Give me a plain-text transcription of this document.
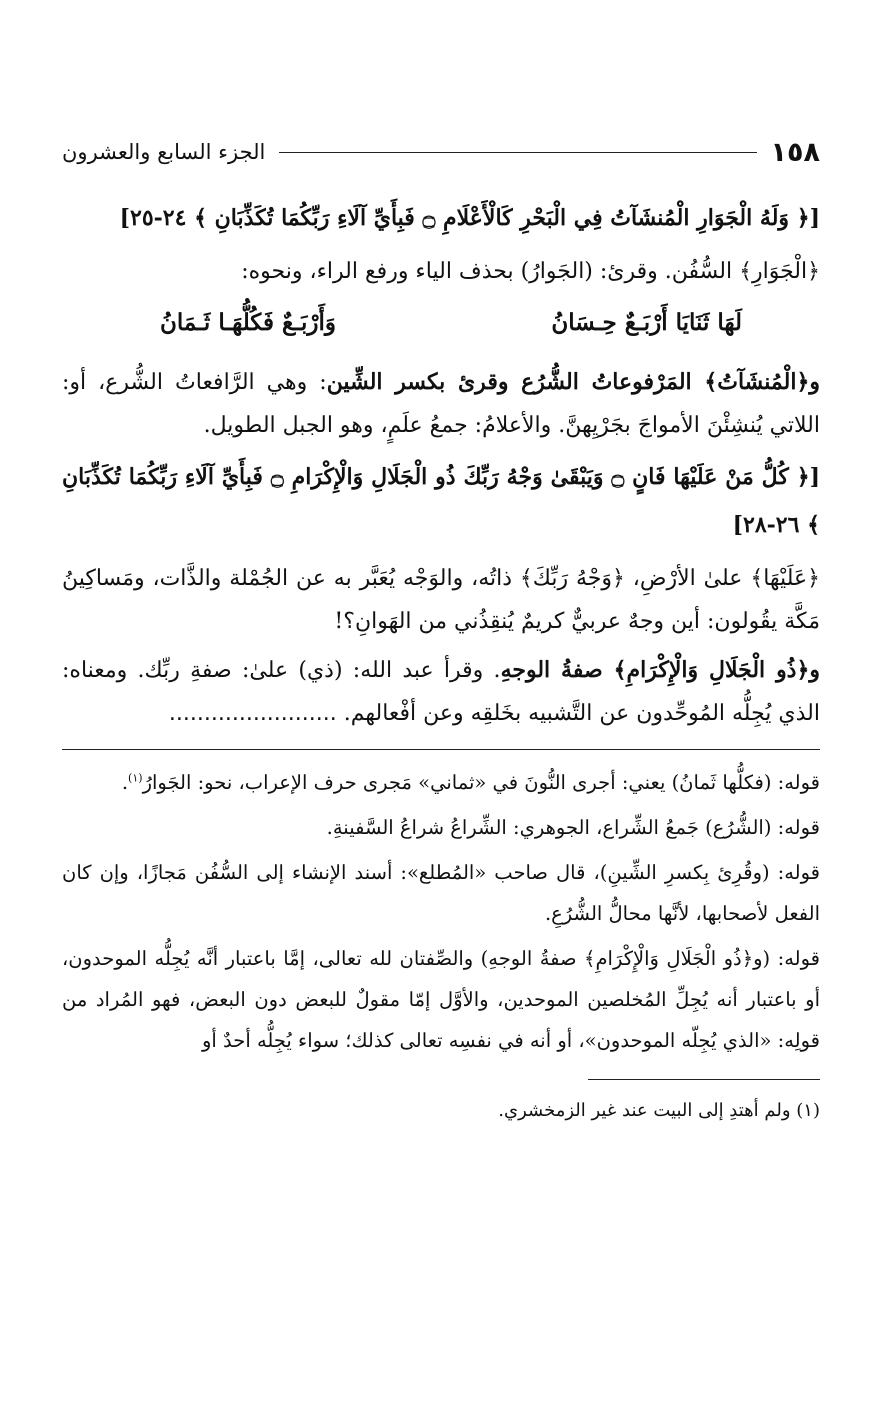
١٥٨
الجزء السابع والعشرون
[﴿ وَلَهُ الْجَوَارِ الْمُنشَآتُ فِي الْبَحْرِ كَالْأَعْلَامِ ۝ فَبِأَيِّ آلَاءِ رَبِّكُمَا تُكَذِّبَانِ ﴾ ٢٤-٢٥]
﴿الْجَوَارِ﴾ السُّفُن. وقرئ: (الجَوارُ) بحذف الياء ورفع الراء، ونحوه:
لَهَا ثَنَايَا أَرْبَـعٌ حِـسَانُ
وَأَرْبَـعٌ فَكُلُّهَـا ثَـمَانُ
و﴿الْمُنشَآتُ﴾ المَرْفوعاتُ الشُّرُع وقرئ بكسر الشِّين: وهي الرَّافعاتُ الشُّرع، أو: اللاتي يُنشِئْنَ الأمواجَ بجَرْيِهنَّ. والأعلامُ: جمعُ علَمٍ، وهو الجبل الطويل.
[﴿ كُلُّ مَنْ عَلَيْهَا فَانٍ ۝ وَيَبْقَىٰ وَجْهُ رَبِّكَ ذُو الْجَلَالِ وَالْإِكْرَامِ ۝ فَبِأَيِّ آلَاءِ رَبِّكُمَا تُكَذِّبَانِ ﴾ ٢٦-٢٨]
﴿عَلَيْهَا﴾ علىٰ الأرْضِ، ﴿وَجْهُ رَبِّكَ﴾ ذاتُه، والوَجْه يُعَبَّر به عن الجُمْلة والذَّات، ومَساكِينُ مَكَّة يقُولون: أين وجهٌ عربيٌّ كريمٌ يُنقِذُني من الهَوانِ؟!
و﴿ذُو الْجَلَالِ وَالْإِكْرَامِ﴾ صفةُ الوجهِ. وقرأ عبد الله: (ذي) علىٰ: صفةِ ربِّك. ومعناه: الذي يُجِلُّه المُوحِّدون عن التَّشبيه بخَلقِه وعن أفْعالهم. ........................
قوله: (فكلُّها ثَمانُ) يعني: أجرى النُّونَ في «ثماني» مَجرى حرف الإعراب، نحو: الجَوارُ$^{(١)}$.
قوله: (الشُّرُع) جَمعُ الشِّراع، الجوهري: الشِّراعُ شراعُ السَّفينةِ.
قوله: (وقُرِئ بِكسرِ الشِّينِ)، قال صاحب «المُطلع»: أسند الإنشاء إلى السُّفُن مَجازًا، وإن كان الفعل لأصحابها، لأنَّها محالُّ الشُّرُعِ.
قوله: (و﴿ذُو الْجَلَالِ وَالْإِكْرَامِ﴾ صفةُ الوجهِ) والصِّفتان لله تعالى، إمَّا باعتبار أنَّه يُجِلُّه الموحدون، أو باعتبار أنه يُجِلِّ المُخلصين الموحدين، والأوَّل إمّا مقولٌ للبعض دون البعض، فهو المُراد من قولِه: «الذي يُجِلّه الموحدون»، أو أنه في نفسِه تعالى كذلك؛ سواء يُجِلُّه أحدٌ أو
(١) ولم أهتدِ إلى البيت عند غير الزمخشري.
